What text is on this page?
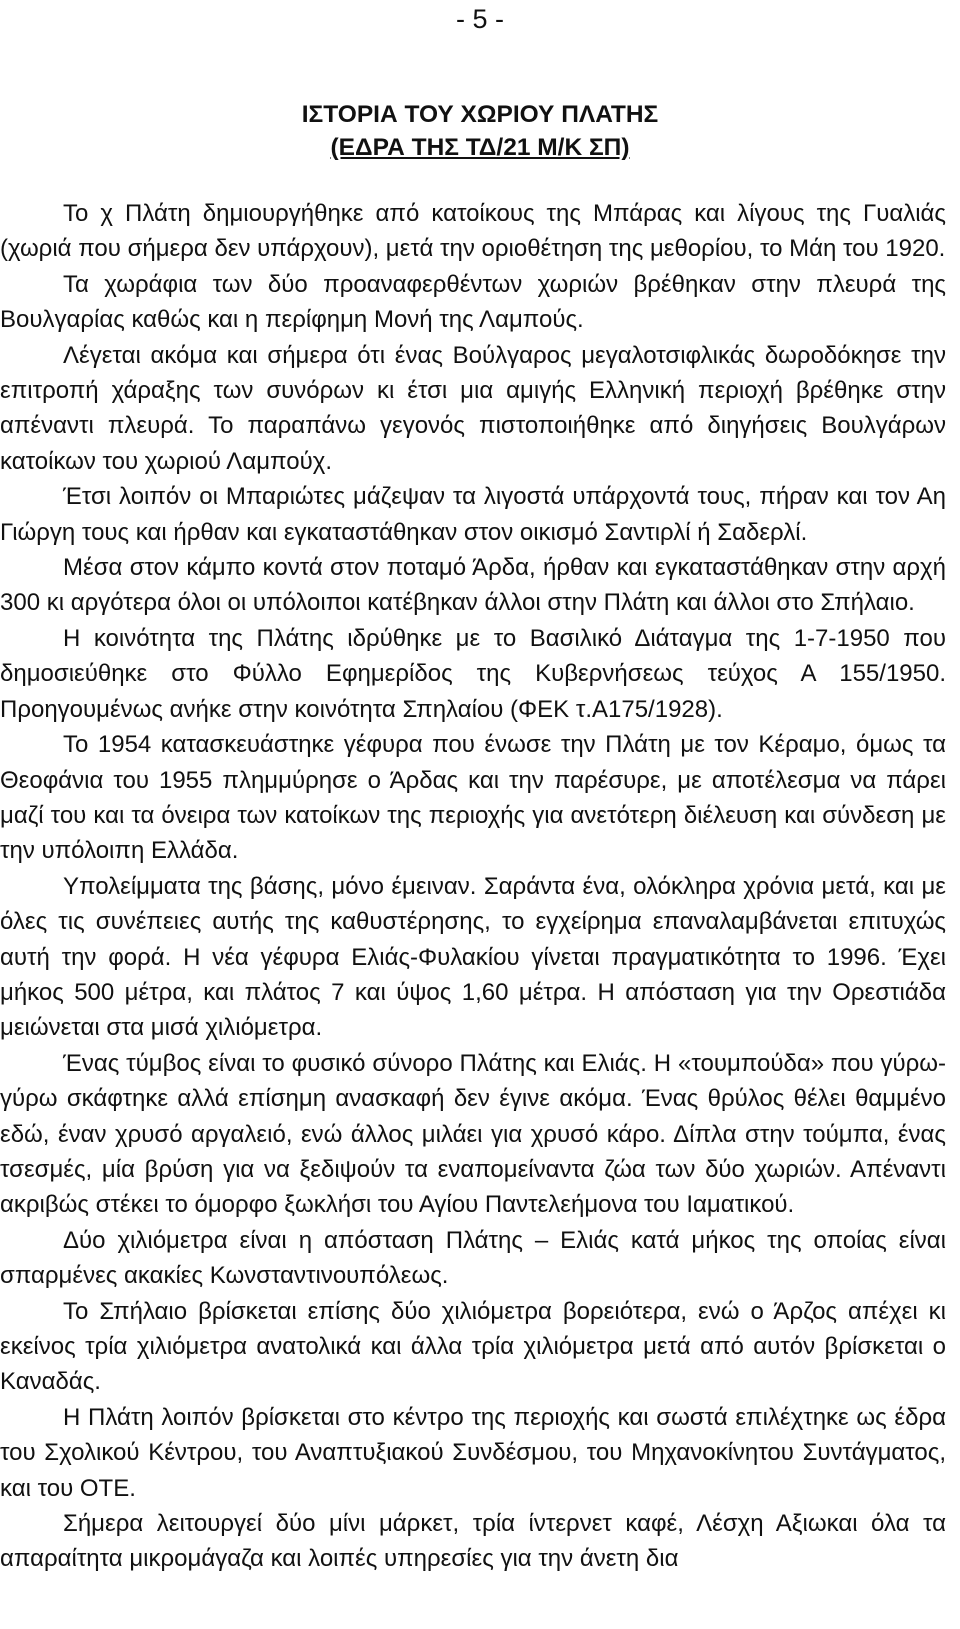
- 5 -
ΙΣΤΟΡΙΑ ΤΟΥ ΧΩΡΙΟΥ ΠΛΑΤΗΣ
(ΕΔΡΑ ΤΗΣ ΤΔ/21 Μ/Κ ΣΠ)

Το χ Πλάτη δημιουργήθηκε από κατοίκους της Μπάρας και λίγους της Γυαλιάς (χωριά που σήμερα δεν υπάρχουν), μετά την οριοθέτηση της μεθορίου, το Μάη του 1920.

Τα χωράφια των δύο προαναφερθέντων χωριών βρέθηκαν στην πλευρά της Βουλγαρίας καθώς και η περίφημη Μονή της Λαμπούς.

Λέγεται ακόμα και σήμερα ότι ένας Βούλγαρος μεγαλοτσιφλικάς δωροδόκησε την επιτροπή χάραξης των συνόρων κι έτσι μια αμιγής Ελληνική περιοχή βρέθηκε στην απέναντι πλευρά. Το παραπάνω γεγονός πιστοποιήθηκε από διηγήσεις Βουλγάρων κατοίκων του χωριού Λαμπούχ.

Έτσι λοιπόν οι Μπαριώτες μάζεψαν τα λιγοστά υπάρχοντά τους, πήραν και τον Αη Γιώργη τους και ήρθαν και εγκαταστάθηκαν στον οικισμό Σαντιρλί ή Σαδερλί.

Μέσα στον κάμπο κοντά στον ποταμό Άρδα, ήρθαν και εγκαταστάθηκαν στην αρχή 300 κι αργότερα όλοι οι υπόλοιποι κατέβηκαν άλλοι στην Πλάτη και άλλοι στο Σπήλαιο.

Η κοινότητα της Πλάτης ιδρύθηκε με το Βασιλικό Διάταγμα της 1-7-1950 που δημοσιεύθηκε στο Φύλλο Εφημερίδος της Κυβερνήσεως τεύχος Α 155/1950. Προηγουμένως ανήκε στην κοινότητα Σπηλαίου (ΦΕΚ τ.Α175/1928).

Το 1954 κατασκευάστηκε γέφυρα που ένωσε την Πλάτη με τον Κέραμο, όμως τα Θεοφάνια του 1955 πλημμύρησε ο Άρδας και την παρέσυρε, με αποτέλεσμα να πάρει μαζί του και τα όνειρα των κατοίκων της περιοχής για ανετότερη διέλευση και σύνδεση με την υπόλοιπη Ελλάδα.

Υπολείμματα της βάσης, μόνο έμειναν. Σαράντα ένα, ολόκληρα χρόνια μετά, και με όλες τις συνέπειες αυτής της καθυστέρησης, το εγχείρημα επαναλαμβάνεται επιτυχώς αυτή την φορά. Η νέα γέφυρα Ελιάς-Φυλακίου γίνεται πραγματικότητα το 1996. Έχει μήκος 500 μέτρα, και πλάτος 7 και ύψος 1,60 μέτρα. Η απόσταση για την Ορεστιάδα μειώνεται στα μισά χιλιόμετρα.

Ένας τύμβος είναι το φυσικό σύνορο Πλάτης και Ελιάς. Η «τουμπούδα» που γύρω-γύρω σκάφτηκε αλλά επίσημη ανασκαφή δεν έγινε ακόμα. Ένας θρύλος θέλει θαμμένο εδώ, έναν χρυσό αργαλειό, ενώ άλλος μιλάει για χρυσό κάρο. Δίπλα στην τούμπα, ένας τσεσμές, μία βρύση για να ξεδιψούν τα εναπομείναντα ζώα των δύο χωριών. Απέναντι ακριβώς στέκει το όμορφο ξωκλήσι του Αγίου Παντελεήμονα του Ιαματικού.

Δύο χιλιόμετρα είναι η απόσταση Πλάτης – Ελιάς κατά μήκος της οποίας είναι σπαρμένες ακακίες Κωνσταντινουπόλεως.

Το Σπήλαιο βρίσκεται επίσης δύο χιλιόμετρα βορειότερα, ενώ ο Άρζος απέχει κι εκείνος τρία χιλιόμετρα ανατολικά και άλλα τρία χιλιόμετρα μετά από αυτόν βρίσκεται ο Καναδάς.

Η Πλάτη λοιπόν βρίσκεται στο κέντρο της περιοχής και σωστά επιλέχτηκε ως έδρα του Σχολικού Κέντρου, του Αναπτυξιακού Συνδέσμου, του Μηχανοκίνητου Συντάγματος, και του ΟΤΕ.

Σήμερα λειτουργεί δύο μίνι μάρκετ, τρία ίντερνετ καφέ, Λέσχη Αξιωκαι όλα τα απαραίτητα μικρομάγαζα και λοιπές υπηρεσίες για την άνετη δια
